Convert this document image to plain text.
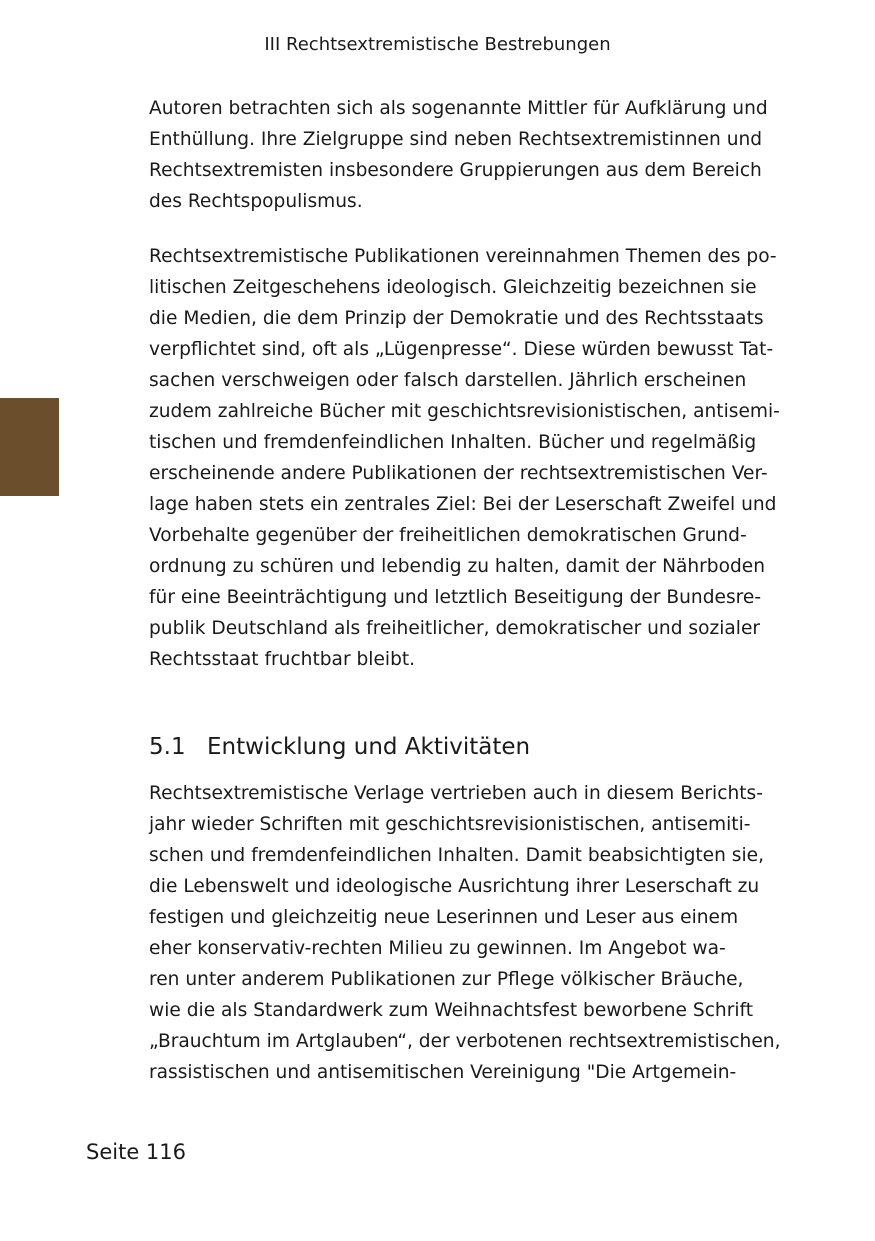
III Rechtsextremistische Bestrebungen

Autoren betrachten sich als sogenannte Mittler für Aufklärung und
Enthüllung. Ihre Zielgruppe sind neben Rechtsextremistinnen und
Rechtsextremisten insbesondere Gruppierungen aus dem Bereich
des Rechtspopulismus.

Rechtsextremistische Publikationen vereinnahmen Themen des po-
litischen Zeitgeschehens ideologisch. Gleichzeitig bezeichnen sie
die Medien, die dem Prinzip der Demokratie und des Rechtsstaats
verpflichtet sind, oft als „Lügenpresse“. Diese würden bewusst Tat-
sachen verschweigen oder falsch darstellen. Jährlich erscheinen
zudem zahlreiche Bücher mit geschichtsrevisionistischen, antisemi-
tischen und fremdenfeindlichen Inhalten. Bücher und regelmäßig
erscheinende andere Publikationen der rechtsextremistischen Ver-
lage haben stets ein zentrales Ziel: Bei der Leserschaft Zweifel und
Vorbehalte gegenüber der freiheitlichen demokratischen Grund-
ordnung zu schüren und lebendig zu halten, damit der Nährboden
für eine Beeinträchtigung und letztlich Beseitigung der Bundesre-
publik Deutschland als freiheitlicher, demokratischer und sozialer
Rechtsstaat fruchtbar bleibt.

5.1 Entwicklung und Aktivitäten

Rechtsextremistische Verlage vertrieben auch in diesem Berichts-
jahr wieder Schriften mit geschichtsrevisionistischen, antisemiti-
schen und fremdenfeindlichen Inhalten. Damit beabsichtigten sie,
die Lebenswelt und ideologische Ausrichtung ihrer Leserschaft zu
festigen und gleichzeitig neue Leserinnen und Leser aus einem
eher konservativ-rechten Milieu zu gewinnen. Im Angebot wa-
ren unter anderem Publikationen zur Pflege völkischer Bräuche,
wie die als Standardwerk zum Weihnachtsfest beworbene Schrift
„Brauchtum im Artglauben“, der verbotenen rechtsextremistischen,
rassistischen und antisemitischen Vereinigung "Die Artgemein-

Seite 116
